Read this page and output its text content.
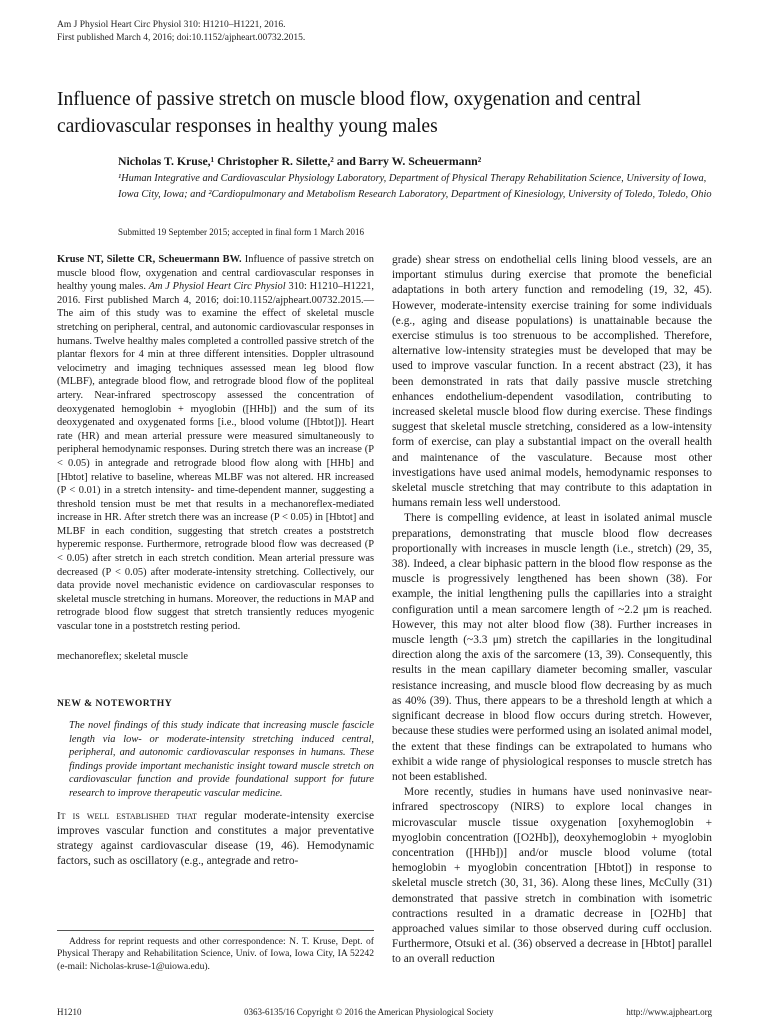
Am J Physiol Heart Circ Physiol 310: H1210–H1221, 2016.
First published March 4, 2016; doi:10.1152/ajpheart.00732.2015.
Influence of passive stretch on muscle blood flow, oxygenation and central cardiovascular responses in healthy young males
Nicholas T. Kruse,¹ Christopher R. Silette,² and Barry W. Scheuermann²
¹Human Integrative and Cardiovascular Physiology Laboratory, Department of Physical Therapy Rehabilitation Science, University of Iowa, Iowa City, Iowa; and ²Cardiopulmonary and Metabolism Research Laboratory, Department of Kinesiology, University of Toledo, Toledo, Ohio
Submitted 19 September 2015; accepted in final form 1 March 2016

Kruse NT, Silette CR, Scheuermann BW. Influence of passive stretch on muscle blood flow, oxygenation and central cardiovascular responses in healthy young males. Am J Physiol Heart Circ Physiol 310: H1210–H1221, 2016. First published March 4, 2016; doi:10.1152/ajpheart.00732.2015.—The aim of this study was to examine the effect of skeletal muscle stretching on peripheral, central, and autonomic cardiovascular responses in humans. Twelve healthy males completed a controlled passive stretch of the plantar flexors for 4 min at three different intensities. Doppler ultrasound velocimetry and imaging techniques assessed mean leg blood flow (MLBF), antegrade blood flow, and retrograde blood flow of the popliteal artery. Near-infrared spectroscopy assessed the concentration of deoxygenated hemoglobin + myoglobin ([HHb]) and the sum of its deoxygenated and oxygenated forms [i.e., blood volume ([Hbtot])]. Heart rate (HR) and mean arterial pressure were measured simultaneously to peripheral hemodynamic responses. During stretch there was an increase (P < 0.05) in antegrade and retrograde blood flow along with [HHb] and [Hbtot] relative to baseline, whereas MLBF was not altered. HR increased (P < 0.01) in a stretch intensity- and time-dependent manner, suggesting a threshold tension must be met that results in a mechanoreflex-mediated increase in HR. After stretch there was an increase (P < 0.05) in [Hbtot] and MLBF in each condition, suggesting that stretch creates a poststretch hyperemic response. Furthermore, retrograde blood flow was decreased (P < 0.05) after stretch in each stretch condition. Mean arterial pressure was decreased (P < 0.05) after moderate-intensity stretching. Collectively, our data provide novel mechanistic evidence on cardiovascular responses to skeletal muscle stretching in humans. Moreover, the reductions in MAP and retrograde blood flow suggest that stretch transiently reduces myogenic vascular tone in a poststretch resting period.

mechanoreflex; skeletal muscle

NEW & NOTEWORTHY

The novel findings of this study indicate that increasing muscle fascicle length via low- or moderate-intensity stretching induced central, peripheral, and autonomic cardiovascular responses in humans. These findings provide important mechanistic insight toward muscle stretch on cardiovascular function and provide foundational support for future research to improve therapeutic vascular medicine.

It is well established that regular moderate-intensity exercise improves vascular function and constitutes a major preventative strategy against cardiovascular disease (19, 46). Hemodynamic factors, such as oscillatory (e.g., antegrade and retro-

grade) shear stress on endothelial cells lining blood vessels, are an important stimulus during exercise that promote the beneficial adaptations in both artery function and remodeling (19, 32, 45). However, moderate-intensity exercise training for some individuals (e.g., aging and disease populations) is unattainable because the exercise stimulus is too strenuous to be accomplished. Therefore, alternative low-intensity strategies must be developed that may be used to improve vascular function. In a recent abstract (23), it has been demonstrated in rats that daily passive muscle stretching enhances endothelium-dependent vasodilation, contributing to increased skeletal muscle blood flow during exercise. These findings suggest that skeletal muscle stretching, considered as a low-intensity form of exercise, can play a substantial impact on the overall health and maintenance of the vasculature. Because most other investigations have used animal models, hemodynamic responses to skeletal muscle stretching that may contribute to this adaptation in humans remain less well understood.

There is compelling evidence, at least in isolated animal muscle preparations, demonstrating that muscle blood flow decreases proportionally with increases in muscle length (i.e., stretch) (29, 35, 38). Indeed, a clear biphasic pattern in the blood flow response as the muscle is progressively lengthened has been shown (38). For example, the initial lengthening pulls the capillaries into a straight configuration until a mean sarcomere length of ~2.2 μm is reached. However, this may not alter blood flow (38). Further increases in muscle length (~3.3 μm) stretch the capillaries in the longitudinal direction along the axis of the sarcomere (13, 39). Consequently, this results in the mean capillary diameter becoming smaller, vascular resistance increasing, and muscle blood flow decreasing by as much as 40% (39). Thus, there appears to be a threshold length at which a significant decrease in blood flow occurs during stretch. However, because these studies were performed using an isolated animal model, the extent that these findings can be extrapolated to humans who exhibit a wide range of physiological responses to muscle stretch has not been established.

More recently, studies in humans have used noninvasive near-infrared spectroscopy (NIRS) to explore local changes in microvascular muscle tissue oxygenation [oxyhemoglobin + myoglobin concentration ([O2Hb]), deoxyhemoglobin + myoglobin concentration ([HHb])] and/or muscle blood volume (total hemoglobin + myoglobin concentration [Hbtot]) in response to skeletal muscle stretch (30, 31, 36). Along these lines, McCully (31) demonstrated that passive stretch in combination with isometric contractions resulted in a dramatic decrease in [O2Hb] that approached values similar to those observed during cuff occlusion. Furthermore, Otsuki et al. (36) observed a decrease in [Hbtot] parallel to an overall reduction

Address for reprint requests and other correspondence: N. T. Kruse, Dept. of Physical Therapy and Rehabilitation Science, Univ. of Iowa, Iowa City, IA 52242 (e-mail: Nicholas-kruse-1@uiowa.edu).

H1210	0363-6135/16 Copyright © 2016 the American Physiological Society	http://www.ajpheart.org
